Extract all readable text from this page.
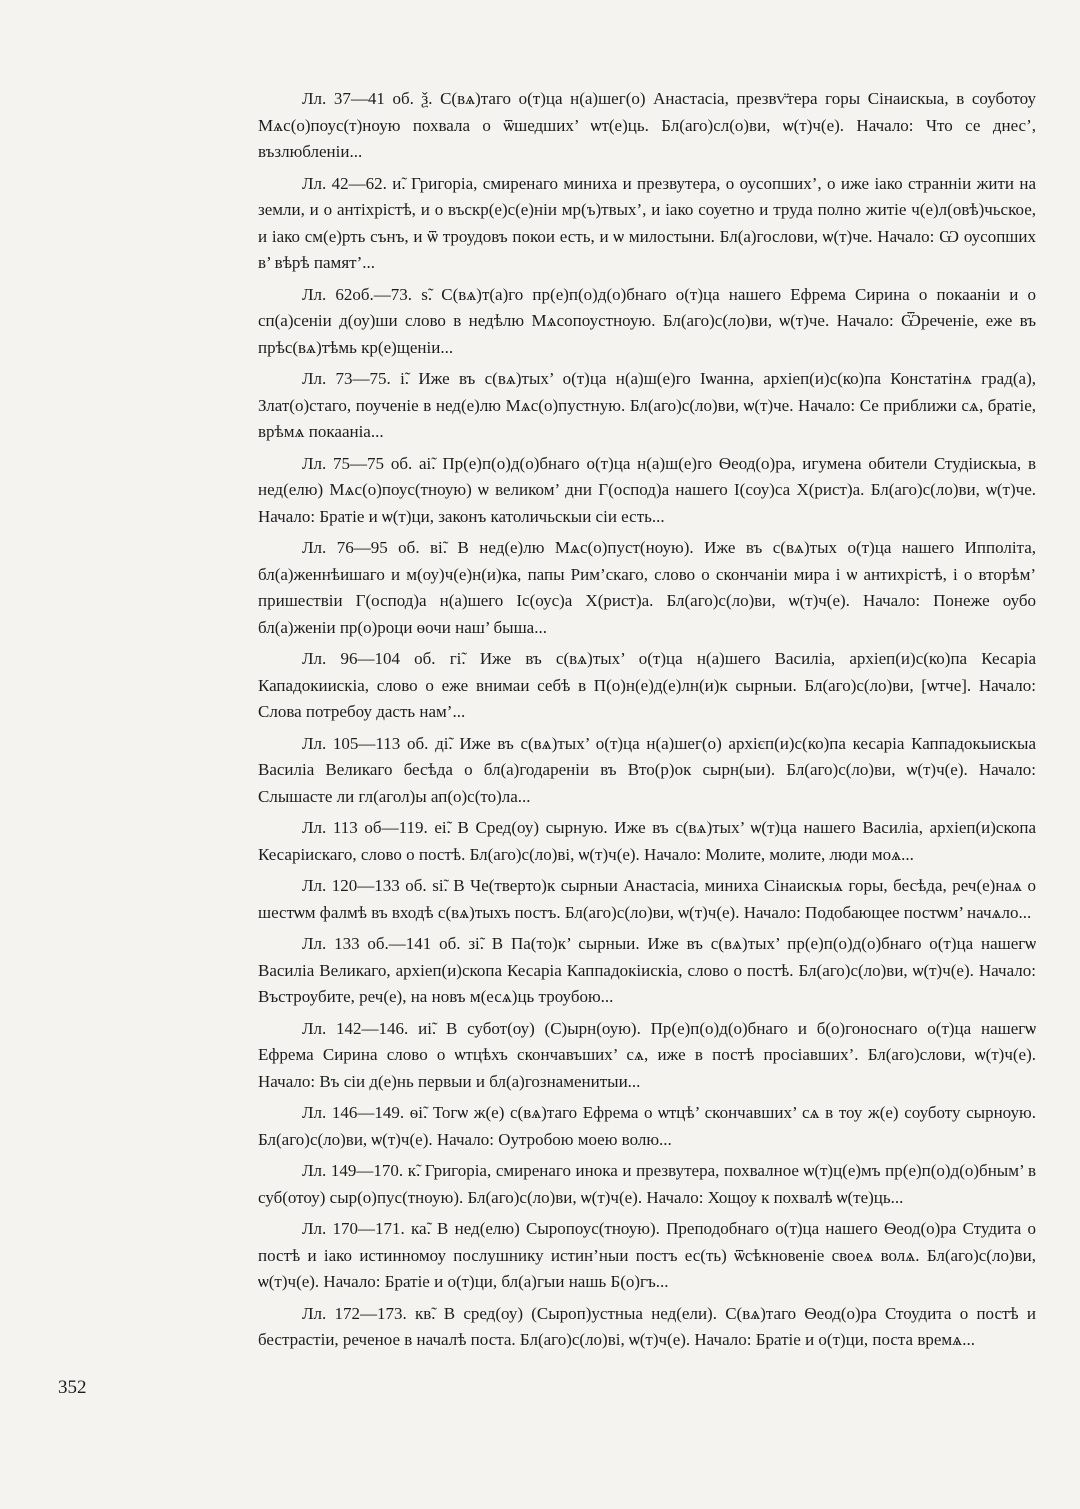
Лл. 37—41 об. ѯ. С(вѧ)таго о(т)ца н(а)шег(о) Анастасіа, презвѵ̈тера горы Сінаискыа, в соуботоу Мѧс(о)поус(т)ноую похвала о ѿшедших’ ѡт(е)ць. Бл(аго)сл(о)ви, ѡ(т)ч(е). Начало: Что се днес’, възлюбленіи...

Лл. 42—62. и̃. Григоріа, смиренаго миниха и презвутера, о оусопших’, о иже іако странніи жити на земли, и о антіхрістѣ, и о въскр(е)с(е)ніи мр(ъ)твых’, и іако соуетно и труда полно житіе ч(е)л(овѣ)чьское, и іако см(е)рть сънъ, и ѿ троудовъ покои есть, и ѡ милостыни. Бл(а)гослови, ѡ(т)че. Начало: Ѡ оусопших в’ вѣрѣ памят’...

Лл. 62об.—73. ѕ̃. С(вѧ)т(а)го пр(е)п(о)д(о)бнаго о(т)ца нашего Ефрема Сирина о покааніи и о сп(а)сеніи д(оу)ши слово в недѣлю Мѧсопоустноую. Бл(аго)с(ло)ви, ѡ(т)че. Начало: Ѿреченіе, еже въ прѣс(вѧ)тѣмь кр(е)щеніи...

Лл. 73—75. і̃. Иже въ с(вѧ)тых’ о(т)ца н(а)ш(е)го Іѡанна, архіеп(и)с(ко)па Констатінѧ град(а), Злат(о)стаго, поученіе в нед(е)лю Мѧс(о)пустную. Бл(аго)с(ло)ви, ѡ(т)че. Начало: Се приближи сѧ, братіе, врѣмѧ покааніа...

Лл. 75—75 об. аі̃. Пр(е)п(о)д(о)бнаго о(т)ца н(а)ш(е)го Ѳеод(о)ра, игумена обители Студіискыа, в нед(елю) Мѧс(о)поус(тноую) ѡ великом’ дни Г(оспод)а нашего І(соу)са Х(рист)а. Бл(аго)с(ло)ви, ѡ(т)че. Начало: Братіе и ѡ(т)ци, законъ католичьскыи сіи есть...

Лл. 76—95 об. ві̃. В нед(е)лю Мѧс(о)пуст(ноую). Иже въ с(вѧ)тых о(т)ца нашего Ипполіта, бл(а)женнѣишаго и м(оу)ч(е)н(и)ка, папы Рим’скаго, слово о скончаніи мира і ѡ антихрістѣ, і о вторѣм’ пришествіи Г(оспод)а н(а)шего Іс(оус)а Х(рист)а. Бл(аго)с(ло)ви, ѡ(т)ч(е). Начало: Понеже оубо бл(а)женіи пр(о)роци ѳочи наш’ быша...

Лл. 96—104 об. гі̃. Иже въ с(вѧ)тых’ о(т)ца н(а)шего Василіа, архіеп(и)с(ко)па Кесаріа Кападокиискіа, слово о еже внимаи себѣ в П(о)н(е)д(е)лн(и)к сырныи. Бл(аго)с(ло)ви, [ѡтче]. Начало: Слова потребоу дасть нам’...

Лл. 105—113 об. ді̃. Иже въ с(вѧ)тых’ о(т)ца н(а)шег(о) архієп(и)с(ко)па кесаріа Каппадокыискыа Василіа Великаго бесѣда о бл(а)годареніи въ Вто(р)ок сырн(ыи). Бл(аго)с(ло)ви, ѡ(т)ч(е). Начало: Слышасте ли гл(агол)ы ап(о)с(то)ла...

Лл. 113 об—119. еі̃. В Сред(оу) сырную. Иже въ с(вѧ)тых’ ѡ(т)ца нашего Василіа, архіеп(и)скопа Кесаріискаго, слово о постѣ. Бл(аго)с(ло)ві, ѡ(т)ч(е). Начало: Молите, молите, люди моѧ...

Лл. 120—133 об. ѕі̃. В Че(тверто)к сырныи Анастасіа, миниха Сінаискыѧ горы, бесѣда, реч(е)наѧ о шестѡм фалмѣ въ входѣ с(вѧ)тыхъ постъ. Бл(аго)с(ло)ви, ѡ(т)ч(е). Начало: Подобающее постѡм’ начѧло...

Лл. 133 об.—141 об. зі̃. В Па(то)к’ сырныи. Иже въ с(вѧ)тых’ пр(е)п(о)д(о)бнаго о(т)ца нашегѡ Василіа Великаго, архіеп(и)скопа Кесаріа Каппадокіискіа, слово о постѣ. Бл(аго)с(ло)ви, ѡ(т)ч(е). Начало: Въстроубите, реч(е), на новъ м(есѧ)ць троубою...

Лл. 142—146. иі̃. В субот(оу) (С)ырн(оую). Пр(е)п(о)д(о)бнаго и б(о)гоноснаго о(т)ца нашегѡ Ефрема Сирина слово о ѡтцѣхъ скончавъших’ сѧ, иже в постѣ просіавших’. Бл(аго)слови, ѡ(т)ч(е). Начало: Въ сіи д(е)нь первыи и бл(а)гознаменитыи...

Лл. 146—149. ѳі̃. Тогѡ ж(е) с(вѧ)таго Ефрема о ѡтцѣ’ скончавших’ сѧ в тоу ж(е) соуботу сырноую. Бл(аго)с(ло)ви, ѡ(т)ч(е). Начало: Оутробою моею волю...

Лл. 149—170. к̃. Григоріа, смиренаго инока и презвутера, похвалное ѡ(т)ц(е)мъ пр(е)п(о)д(о)бным’ в суб(отоу) сыр(о)пус(тноую). Бл(аго)с(ло)ви, ѡ(т)ч(е). Начало: Хощоу к похвалѣ ѡ(те)ць...

Лл. 170—171. ка̃. В нед(елю) Сыропоус(тноую). Преподобнаго о(т)ца нашего Ѳеод(о)ра Студита о постѣ и іако истинномоу послушнику истин’ныи постъ ес(ть) ѿсѣкновеніе своеѧ волѧ. Бл(аго)с(ло)ви, ѡ(т)ч(е). Начало: Братіе и о(т)ци, бл(а)гыи нашь Б(о)гъ...

Лл. 172—173. кв̃. В сред(оу) (Сыроп)устныа нед(ели). С(вѧ)таго Ѳеод(о)ра Стоудита о постѣ и бестрастіи, реченое в началѣ поста. Бл(аго)с(ло)ві, ѡ(т)ч(е). Начало: Братіе и о(т)ци, поста времѧ...

352
